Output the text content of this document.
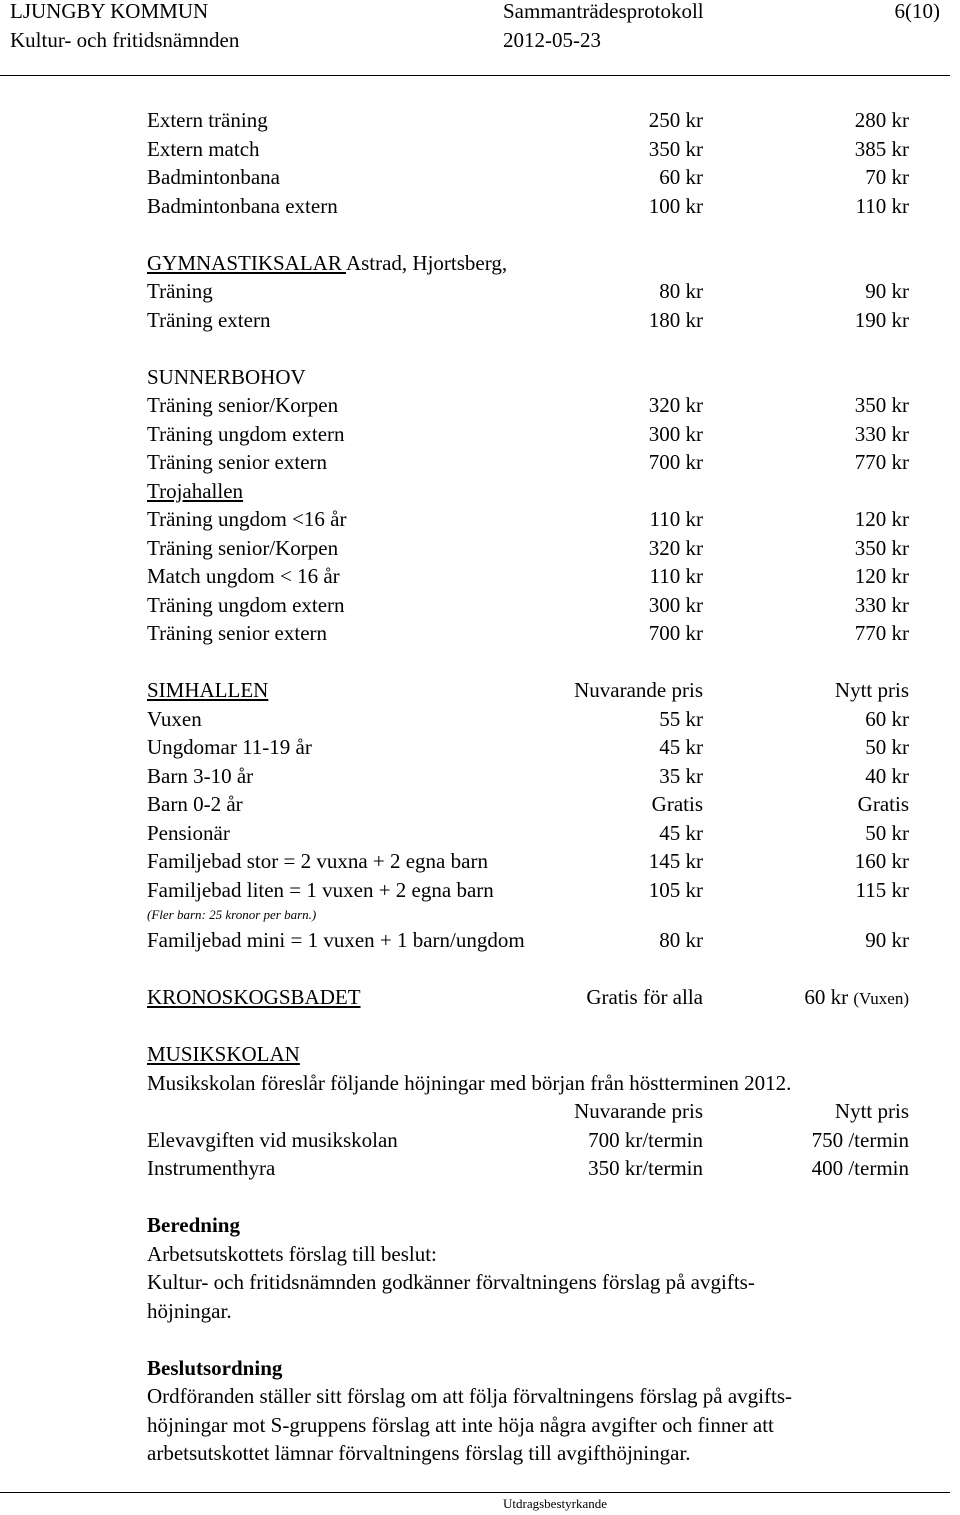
LJUNGBY KOMMUN	Sammanträdesprotokoll	6(10)
Kultur- och fritidsnämnden	2012-05-23
Extern träning	250 kr	280 kr
Extern match	350 kr	385 kr
Badmintonbana	60 kr	70 kr
Badmintonbana extern	100 kr	110 kr
GYMNASTIKSALAR Astrad, Hjortsberg,
Träning	80 kr	90 kr
Träning extern	180 kr	190 kr
SUNNERBOHOV
Träning senior/Korpen	320 kr	350 kr
Träning ungdom extern	300 kr	330 kr
Träning senior extern	700 kr	770 kr
Trojahallen
Träning ungdom <16 år	110 kr	120 kr
Träning senior/Korpen	320 kr	350 kr
Match ungdom < 16 år	110 kr	120 kr
Träning ungdom extern	300 kr	330 kr
Träning senior extern	700 kr	770 kr
SIMHALLEN	Nuvarande pris	Nytt pris
Vuxen	55 kr	60 kr
Ungdomar 11-19 år	45 kr	50 kr
Barn 3-10 år	35 kr	40 kr
Barn 0-2 år	Gratis	Gratis
Pensionär	45 kr	50 kr
Familjebad stor = 2 vuxna + 2 egna barn	145 kr	160 kr
Familjebad liten = 1 vuxen + 2 egna barn	105 kr	115 kr
(Fler barn: 25 kronor per barn.)
Familjebad mini = 1 vuxen + 1 barn/ungdom	80 kr	90 kr
KRONOSKOGSBADET	Gratis för alla	60 kr (Vuxen)
MUSIKSKOLAN
Musikskolan föreslår följande höjningar med början från höstterminen 2012.
Nuvarande pris	Nytt pris
Elevavgiften vid musikskolan	700 kr/termin	750 /termin
Instrumenthyra	350 kr/termin	400 /termin
Beredning
Arbetsutskottets förslag till beslut:
Kultur- och fritidsnämnden godkänner förvaltningens förslag på avgifts-
höjningar.
Beslutsordning
Ordföranden ställer sitt förslag om att följa förvaltningens förslag på avgifts-
höjningar mot S-gruppens förslag att inte höja några avgifter och finner att
arbetsutskottet lämnar förvaltningens förslag till avgifthöjningar.
Utdragsbestyrkande
